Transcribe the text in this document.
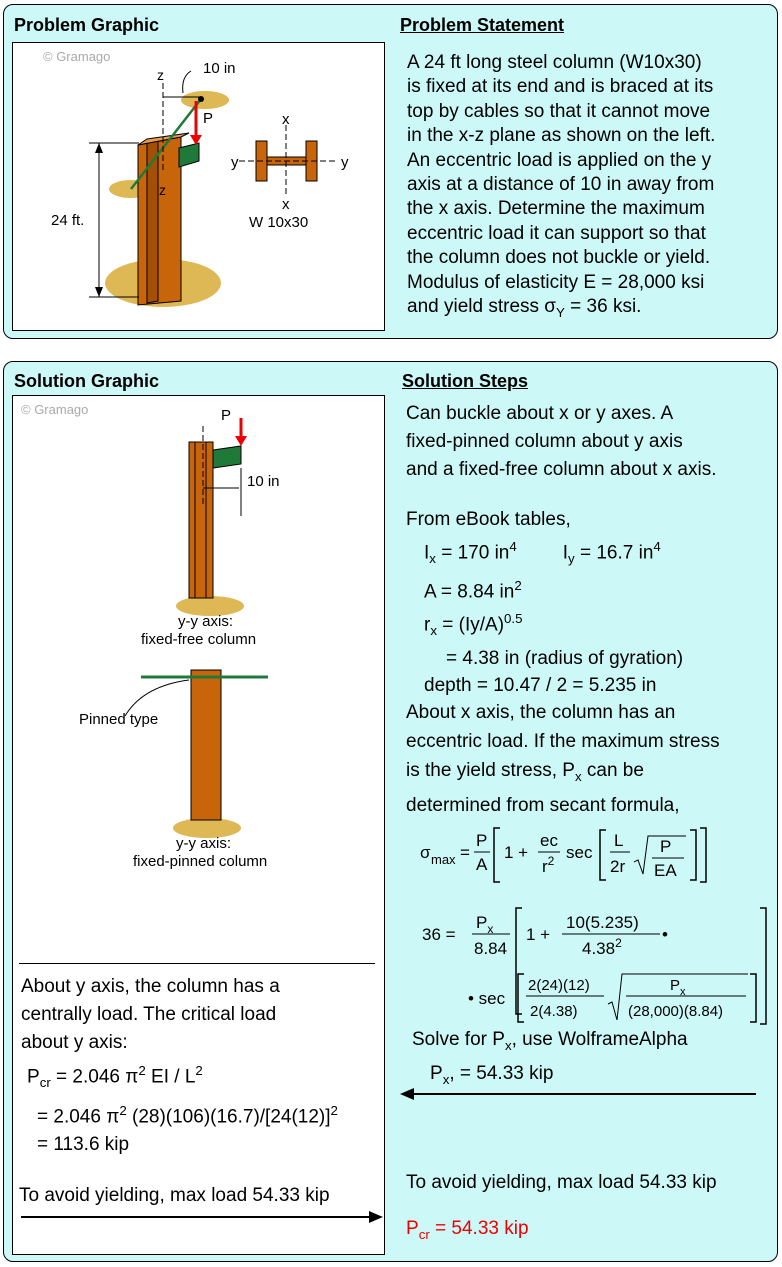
Problem Graphic	Problem Statement
© Gramago
z
z
10 in
P
24 ft.
x
x
y	y
W 10x30
A 24 ft long steel column (W10x30)
is fixed at its end and is braced at its
top by cables so that it cannot move
in the x-z plane as shown on the left.
An eccentric load is applied on the y
axis at a distance of 10 in away from
the x axis. Determine the maximum
eccentric load it can support so that
the column does not buckle or yield.
Modulus of elasticity E = 28,000 ksi
and yield stress $\sigma_Y = 36$ ksi.
Solution Graphic	Solution Steps
© Gramago	P
10 in
y-y axis:
fixed-free column
Pinned type
y-y axis:
fixed-pinned column
About y axis, the column has a
centrally load. The critical load
about y axis:
$P_{cr} = 2.046$ $\pi^2$ EI / $L^2$
= 2.046 $\pi^2$ $(28)(106)(16.7)/[24(12)]^2$
= 113.6 kip
To avoid yielding, max load 54.33 kip
Can buckle about x or y axes. A
fixed-pinned column about y axis
and a fixed-free column about x axis.
From eBook tables,
$I_x = 170$ $in^4$ $I_y = 16.7$ $in^4$
A = 8.84 $in^2$
$r_x = (Iy/A)^{0.5}$
= 4.38 in (radius of gyration)
depth = 10.47 / 2 = 5.235 in
About x axis, the column has an
eccentric load. If the maximum stress
is the yield stress, $P_x$ can be
determined from secant formula,
σ max =
P
A
1 +
ec
$r^2$ sec
L
2r
P
EA
36 =
$P_x$
8.84
1 +
10(5.235)
4.38$^2$ •
• sec
2(24)(12)
2(4.38)
$P_x$
(28,000)(8.84)
Solve for $P_x$, use WolframeAlpha
$P_x$, = 54.33 kip
To avoid yielding, max load 54.33 kip
$P_{cr} = 54.33$ kip
